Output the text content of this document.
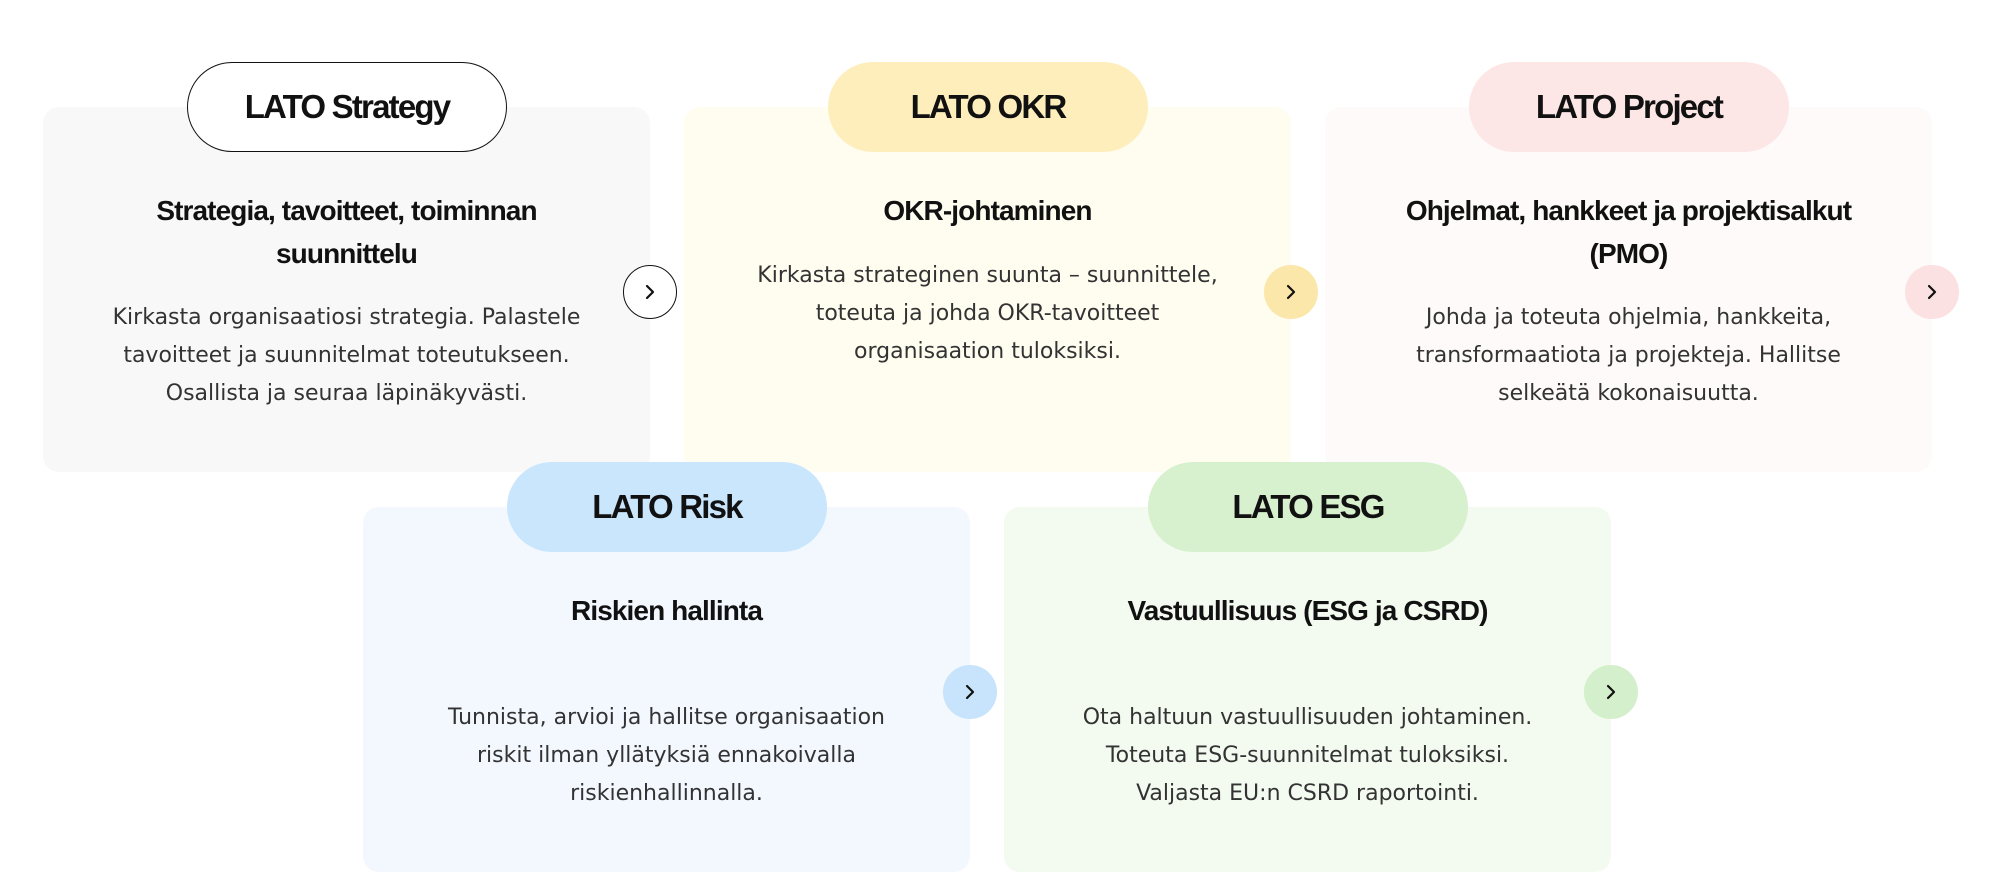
Strategia, tavoitteet, toiminnan suunnittelu

Kirkasta organisaatiosi strategia. Palastele tavoitteet ja suunnitelmat toteutukseen. Osallista ja seuraa läpinäkyvästi.

LATO Strategy
OKR-johtaminen

Kirkasta strateginen suunta – suunnittele, toteuta ja johda OKR-tavoitteet organisaation tuloksiksi.

LATO OKR
Ohjelmat, hankkeet ja projektisalkut (PMO)

Johda ja toteuta ohjelmia, hankkeita, transformaatiota ja projekteja. Hallitse selkeätä kokonaisuutta.

LATO Project
Riskien hallinta

Tunnista, arvioi ja hallitse organisaation riskit ilman yllätyksiä ennakoivalla riskienhallinnalla.

LATO Risk
Vastuullisuus (ESG ja CSRD)

Ota haltuun vastuullisuuden johtaminen. Toteuta ESG-suunnitelmat tuloksiksi. Valjasta EU:n CSRD raportointi.

LATO ESG
